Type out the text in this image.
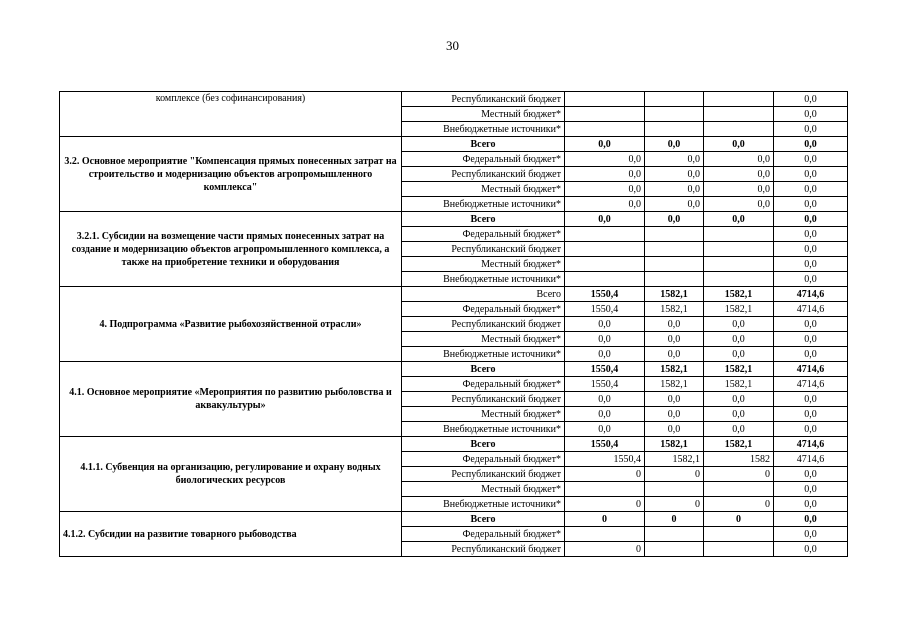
30
комплексе (без софинансирования)	Республиканский бюджет				0,0
	Местный бюджет*				0,0
	Внебюджетные источники*				0,0
3.2. Основное мероприятие "Компенсация прямых понесенных затрат на строительство и модернизацию объектов агропромышленного комплекса"	Всего	0,0	0,0	0,0	0,0
	Федеральный бюджет*	0,0	0,0	0,0	0,0
	Республиканский бюджет	0,0	0,0	0,0	0,0
	Местный бюджет*	0,0	0,0	0,0	0,0
	Внебюджетные источники*	0,0	0,0	0,0	0,0
3.2.1. Субсидии на возмещение части прямых понесенных затрат на создание и модернизацию объектов агропромышленного комплекса, а также на приобретение техники и оборудования	Всего	0,0	0,0	0,0	0,0
	Федеральный бюджет*				0,0
	Республиканский бюджет				0,0
	Местный бюджет*				0,0
	Внебюджетные источники*				0,0
4. Подпрограмма «Развитие рыбохозяйственной отрасли»	Всего	1550,4	1582,1	1582,1	4714,6
	Федеральный бюджет*	1550,4	1582,1	1582,1	4714,6
	Республиканский бюджет	0,0	0,0	0,0	0,0
	Местный бюджет*	0,0	0,0	0,0	0,0
	Внебюджетные источники*	0,0	0,0	0,0	0,0
4.1. Основное мероприятие «Мероприятия по развитию рыболовства и аквакультуры»	Всего	1550,4	1582,1	1582,1	4714,6
	Федеральный бюджет*	1550,4	1582,1	1582,1	4714,6
	Республиканский бюджет	0,0	0,0	0,0	0,0
	Местный бюджет*	0,0	0,0	0,0	0,0
	Внебюджетные источники*	0,0	0,0	0,0	0,0
4.1.1. Субвенция на организацию, регулирование и охрану водных биологических ресурсов	Всего	1550,4	1582,1	1582,1	4714,6
	Федеральный бюджет*	1550,4	1582,1	1582	4714,6
	Республиканский бюджет	0	0	0	0,0
	Местный бюджет*				0,0
	Внебюджетные источники*	0	0	0	0,0
4.1.2. Субсидии на развитие товарного рыбоводства	Всего	0	0	0	0,0
	Федеральный бюджет*				0,0
	Республиканский бюджет	0			0,0
